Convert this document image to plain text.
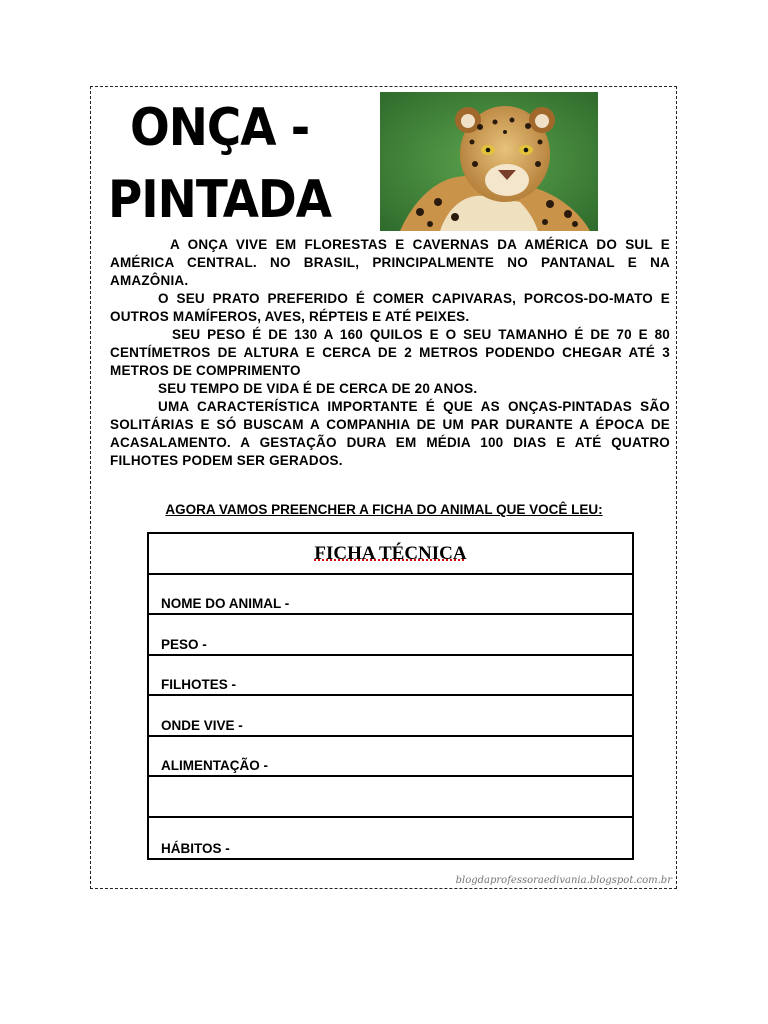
ONÇA -
PINTADA

A ONÇA VIVE EM FLORESTAS E CAVERNAS DA AMÉRICA DO SUL E AMÉRICA CENTRAL. NO BRASIL, PRINCIPALMENTE NO PANTANAL E NA AMAZÔNIA.

O SEU PRATO PREFERIDO É COMER CAPIVARAS, PORCOS-DO-MATO E OUTROS MAMÍFEROS, AVES, RÉPTEIS E ATÉ PEIXES.

SEU PESO É DE 130 A 160 QUILOS E O SEU TAMANHO É DE 70 E 80 CENTÍMETROS DE ALTURA E CERCA DE 2 METROS PODENDO CHEGAR ATÉ 3 METROS DE COMPRIMENTO

SEU TEMPO DE VIDA É DE CERCA DE 20 ANOS.

UMA CARACTERÍSTICA IMPORTANTE É QUE AS ONÇAS-PINTADAS SÃO SOLITÁRIAS E SÓ BUSCAM A COMPANHIA DE UM PAR DURANTE A ÉPOCA DE ACASALAMENTO. A GESTAÇÃO DURA EM MÉDIA 100 DIAS E ATÉ QUATRO FILHOTES PODEM SER GERADOS.

AGORA VAMOS PREENCHER A FICHA DO ANIMAL QUE VOCÊ LEU:
FICHA TÉCNICA
NOME DO ANIMAL -
PESO -
FILHOTES -
ONDE VIVE -
ALIMENTAÇÃO -
HÁBITOS -
blogdaprofessoraedivania.blogspot.com.br
